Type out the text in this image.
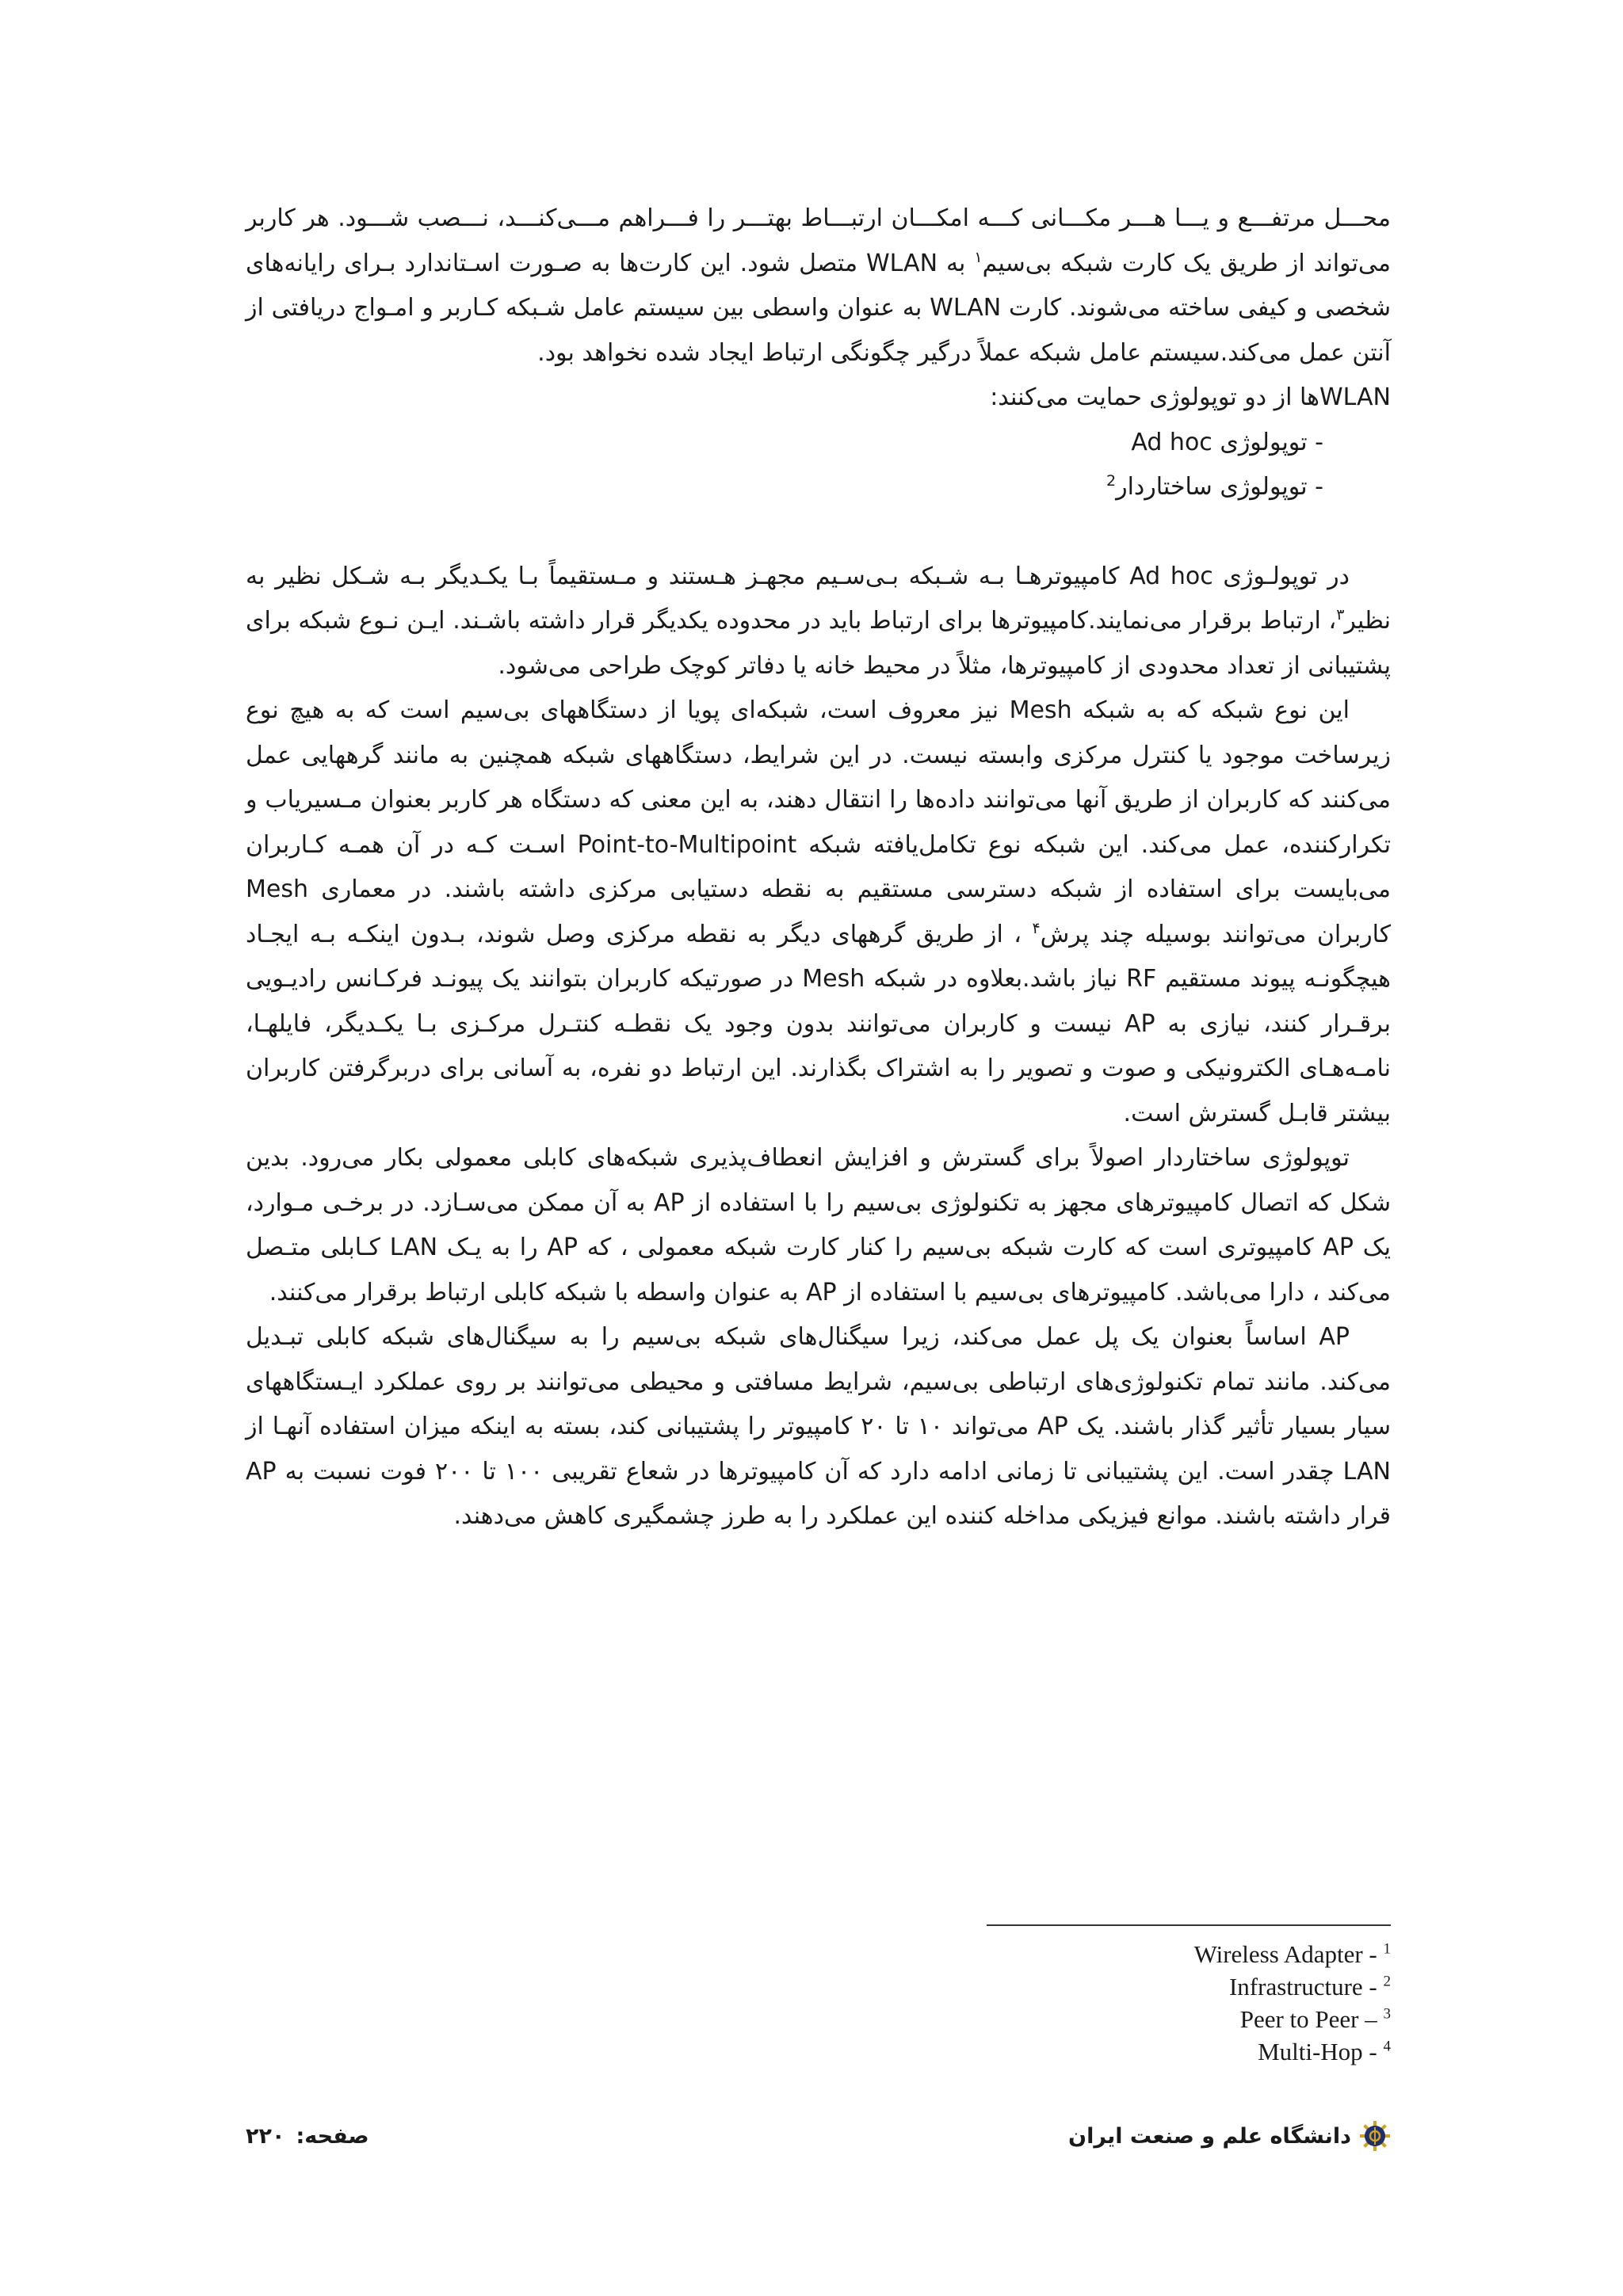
محـــل مرتفـــع و یـــا هـــر مکـــانی کـــه امکـــان ارتبـــاط بهتـــر را فـــراهم مـــی‌کنـــد، نـــصب شـــود. هر کاربر می‌تواند از طریق یک کارت شبکه بی‌سیم$^۱$ به WLAN متصل شود. این کارت‌ها به صـورت اسـتاندارد بـرای رایانه‌های شخصی و کیفی ساخته می‌شوند. کارت WLAN به عنوان واسطی بین سیستم عامل شـبکه کـاربر و امـواج دریافتی از آنتن عمل می‌کند.سیستم عامل شبکه عملاً درگیر چگونگی ارتباط ایجاد شده نخواهد بود.

WLANها از دو توپولوژی حمایت می‌کنند:
- توپولوژی Ad hoc
- توپولوژی ساختاردار$^2$

در توپولـوژی Ad hoc کامپیوترهـا بـه شـبکه بـی‌سـیم مجهـز هـستند و مـستقیماً بـا یکـدیگر بـه شـکل نظیر به نظیر$^۳$، ارتباط برقرار می‌نمایند.کامپیوترها برای ارتباط باید در محدوده یکدیگر قرار داشته باشـند. ایـن نـوع شبکه برای پشتیبانی از تعداد محدودی از کامپیوترها، مثلاً در محیط خانه یا دفاتر کوچک طراحی می‌شود.

این نوع شبکه که به شبکه Mesh نیز معروف است، شبکه‌ای پویا از دستگاههای بی‌سیم است که به هیچ نوع زیرساخت موجود یا کنترل مرکزی وابسته نیست. در این شرایط، دستگاههای شبکه همچنین به مانند گرههایی عمل می‌کنند که کاربران از طریق آنها می‌توانند داده‌ها را انتقال دهند، به این معنی که دستگاه هر کاربر بعنوان مـسیریاب و تکرارکننده، عمل می‌کند. این شبکه نوع تکامل‌یافته شبکه Point-to-Multipoint اسـت کـه در آن همـه کـاربران می‌بایست برای استفاده از شبکه دسترسی مستقیم به نقطه دستیابی مرکزی داشته باشند. در معماری Mesh کاربران می‌توانند بوسیله چند پرش$^۴$ ، از طریق گرههای دیگر به نقطه مرکزی وصل شوند، بـدون اینکـه بـه ایجـاد هیچگونـه پیوند مستقیم RF نیاز باشد.بعلاوه در شبکه Mesh در صورتیکه کاربران بتوانند یک پیونـد فرکـانس رادیـویی برقـرار کنند، نیازی به AP نیست و کاربران می‌توانند بدون وجود یک نقطـه کنتـرل مرکـزی بـا یکـدیگر، فایلهـا، نامـه‌هـای الکترونیکی و صوت و تصویر را به اشتراک بگذارند. این ارتباط دو نفره، به آسانی برای دربرگرفتن کاربران بیشتر قابـل گسترش است.

توپولوژی ساختاردار اصولاً برای گسترش و افزایش انعطاف‌پذیری شبکه‌های کابلی معمولی بکار می‌رود. بدین شکل که اتصال کامپیوترهای مجهز به تکنولوژی بی‌سیم را با استفاده از AP به آن ممکن می‌سـازد. در برخـی مـوارد، یک AP کامپیوتری است که کارت شبکه بی‌سیم را کنار کارت شبکه معمولی ، که AP را به یـک LAN کـابلی متـصل می‌کند ، دارا می‌باشد. کامپیوترهای بی‌سیم با استفاده از AP به عنوان واسطه با شبکه کابلی ارتباط برقرار می‌کنند.

AP اساساً بعنوان یک پل عمل می‌کند، زیرا سیگنال‌های شبکه بی‌سیم را به سیگنال‌های شبکه کابلی تبـدیل می‌کند. مانند تمام تکنولوژی‌های ارتباطی بی‌سیم، شرایط مسافتی و محیطی می‌توانند بر روی عملکرد ایـستگاههای سیار بسیار تأثیر گذار باشند. یک AP می‌تواند ۱۰ تا ۲۰ کامپیوتر را پشتیبانی کند، بسته به اینکه میزان استفاده آنهـا از LAN چقدر است. این پشتیبانی تا زمانی ادامه دارد که آن کامپیوترها در شعاع تقریبی ۱۰۰ تا ۲۰۰ فوت نسبت به AP قرار داشته باشند. موانع فیزیکی مداخله کننده این عملکرد را به طرز چشمگیری کاهش می‌دهند.

Wireless Adapter - $^1$
Infrastructure - $^2$
Peer to Peer – $^3$
Multi-Hop - $^4$
دانشگاه علم و صنعت ایران
صفحه:
۲۲۰
